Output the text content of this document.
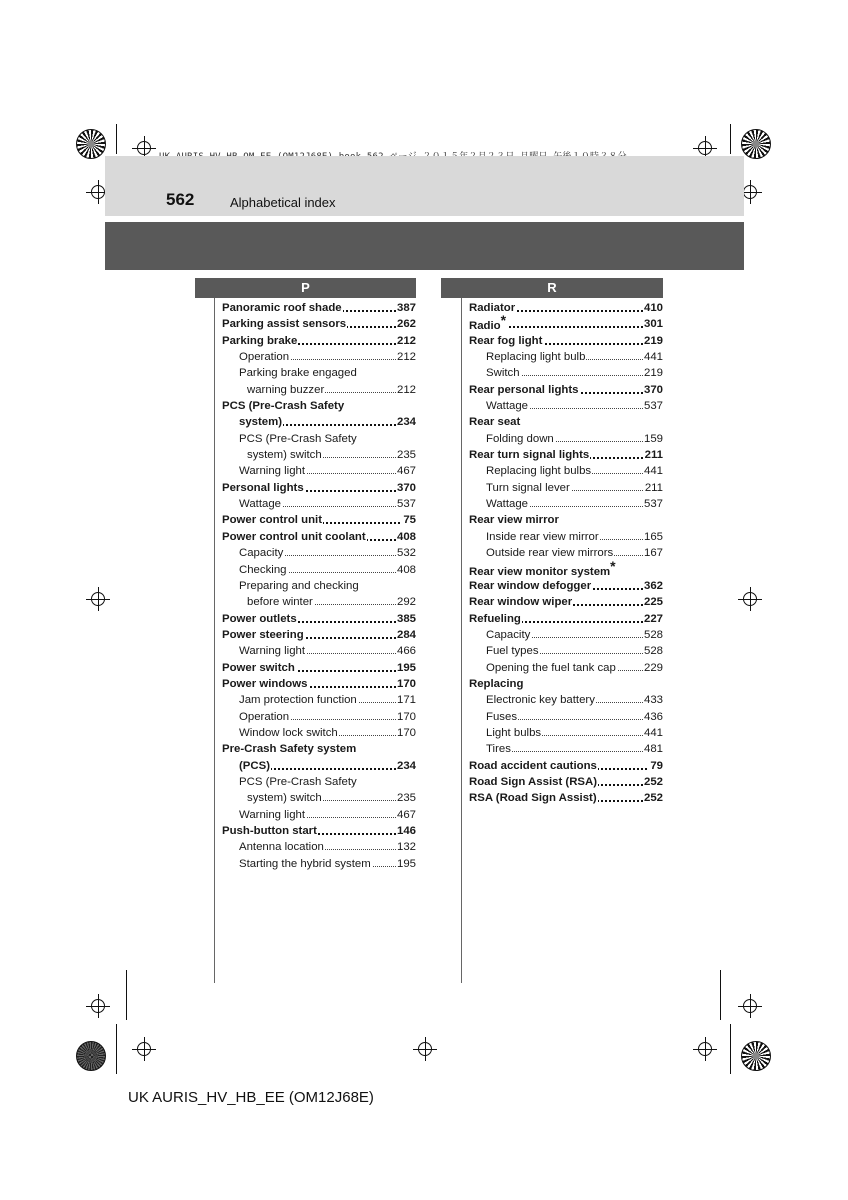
562	Alphabetical index
P	R
Panoramic roof shade	387
Parking assist sensors	262
Parking brake	212
Operation	212
Parking brake engaged
warning buzzer	212
PCS (Pre-Crash Safety
system)	234
PCS (Pre-Crash Safety
system) switch	235
Warning light	467
Personal lights	370
Wattage	537
Power control unit	75
Power control unit coolant	408
Capacity	532
Checking	408
Preparing and checking
before winter	292
Power outlets	385
Power steering	284
Warning light	466
Power switch	195
Power windows	170
Jam protection function	171
Operation	170
Window lock switch	170
Pre-Crash Safety system
(PCS)	234
PCS (Pre-Crash Safety
system) switch	235
Warning light	467
Push-button start	146
Antenna location	132
Starting the hybrid system 195
Radiator	410
Radio*	301
Rear fog light	219
Replacing light bulb	441
Switch	219
Rear personal lights	370
Wattage	537
Rear seat
Folding down	159
Rear turn signal lights	211
Replacing light bulbs	441
Turn signal lever	211
Wattage	537
Rear view mirror
Inside rear view mirror	165
Outside rear view mirrors	167
Rear view monitor system*
Rear window defogger	362
Rear window wiper	225
Refueling	227
Capacity	528
Fuel types	528
Opening the fuel tank cap 229
Replacing
Electronic key battery	433
Fuses	436
Light bulbs	441
Tires	481
Road accident cautions	79
Road Sign Assist (RSA)	252
RSA (Road Sign Assist)	252
UK AURIS_HV_HB_EE (OM12J68E)
